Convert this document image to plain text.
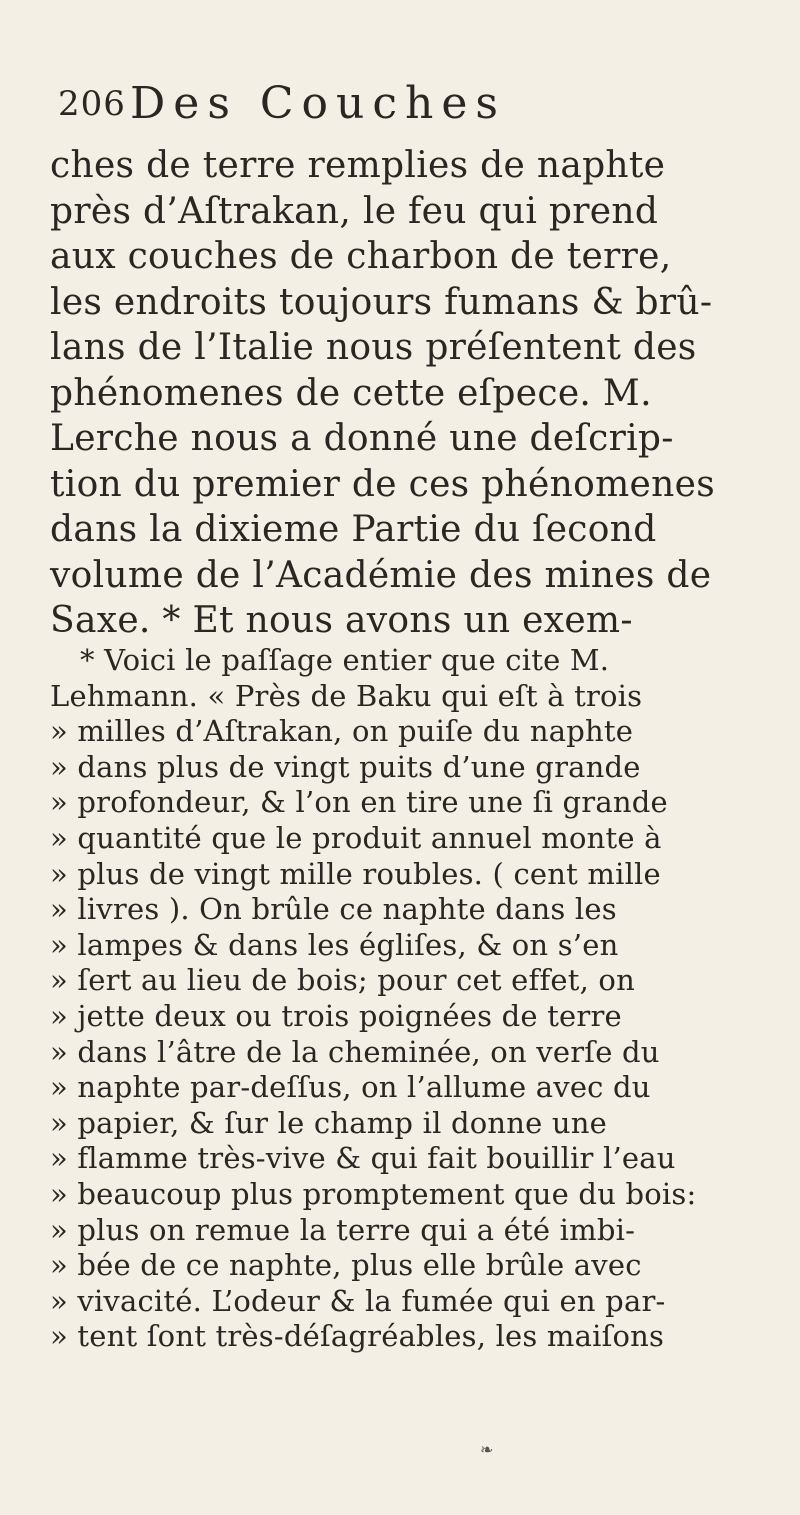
206 Des Couches
ches de terre remplies de naphte
près d’Aſtrakan, le feu qui prend
aux couches de charbon de terre,
les endroits toujours fumans & brû-
lans de l’Italie nous préſentent des
phénomenes de cette eſpece. M.
Lerche nous a donné une deſcrip-
tion du premier de ces phénomenes
dans la dixieme Partie du ſecond
volume de l’Académie des mines de
Saxe. * Et nous avons un exem-
* Voici le paſſage entier que cite M.
Lehmann. « Près de Baku qui eſt à trois
» milles d’Aſtrakan, on puiſe du naphte
» dans plus de vingt puits d’une grande
» profondeur, & l’on en tire une ſi grande
» quantité que le produit annuel monte à
» plus de vingt mille roubles. ( cent mille
» livres ). On brûle ce naphte dans les
» lampes & dans les égliſes, & on s’en
» ſert au lieu de bois; pour cet effet, on
» jette deux ou trois poignées de terre
» dans l’âtre de la cheminée, on verſe du
» naphte par-deſſus, on l’allume avec du
» papier, & ſur le champ il donne une
» flamme très-vive & qui fait bouillir l’eau
» beaucoup plus promptement que du bois:
» plus on remue la terre qui a été imbi-
» bée de ce naphte, plus elle brûle avec
» vivacité. L’odeur & la fumée qui en par-
» tent ſont très-déſagréables, les maiſons
❧
